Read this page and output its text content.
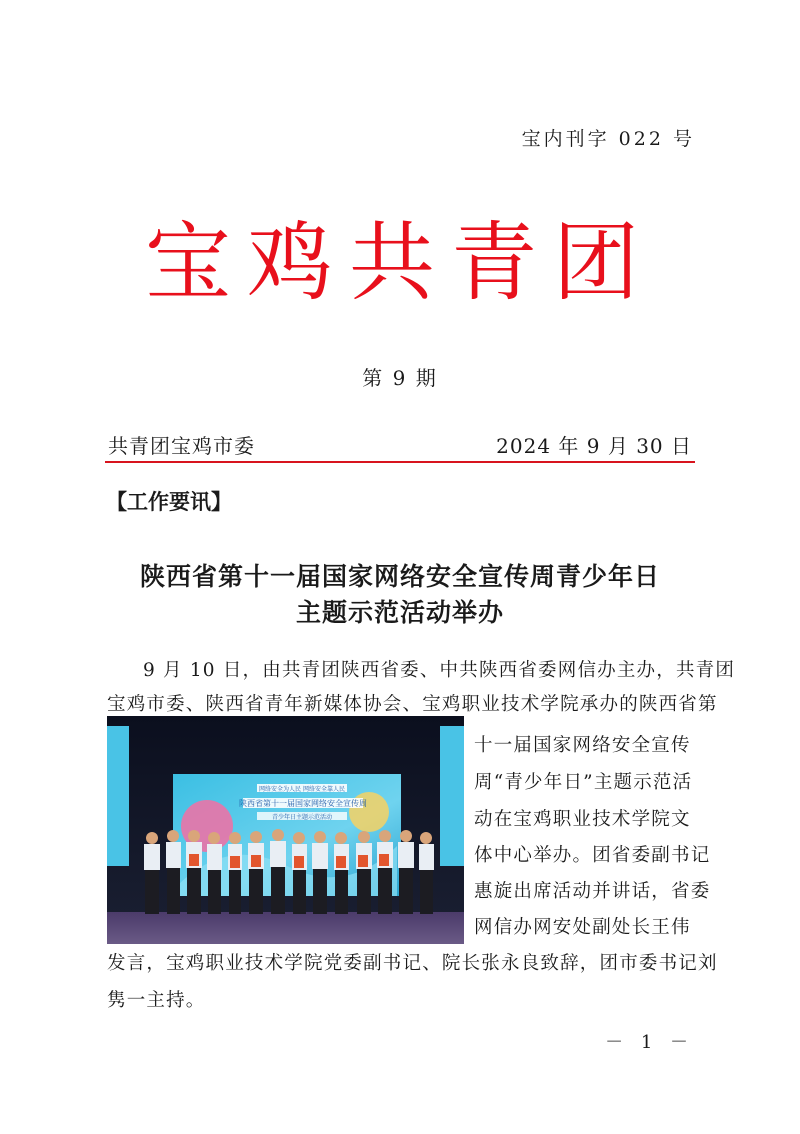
宝内刊字 022 号
宝鸡共青团
第 9 期
共青团宝鸡市委	2024 年 9 月 30 日
【工作要讯】
陕西省第十一届国家网络安全宣传周青少年日
主题示范活动举办
9 月 10 日，由共青团陕西省委、中共陕西省委网信办主办，共青团
宝鸡市委、陕西省青年新媒体协会、宝鸡职业技术学院承办的陕西省第
十一届国家网络安全宣传
周“青少年日”主题示范活
动在宝鸡职业技术学院文
体中心举办。团省委副书记
惠旋出席活动并讲话，省委
网信办网安处副处长王伟
发言，宝鸡职业技术学院党委副书记、院长张永良致辞，团市委书记刘
隽一主持。
网络安全为人民 网络安全靠人民
陕西省第十一届国家网络安全宣传周
青少年日主题示范活动
－ 1 －
